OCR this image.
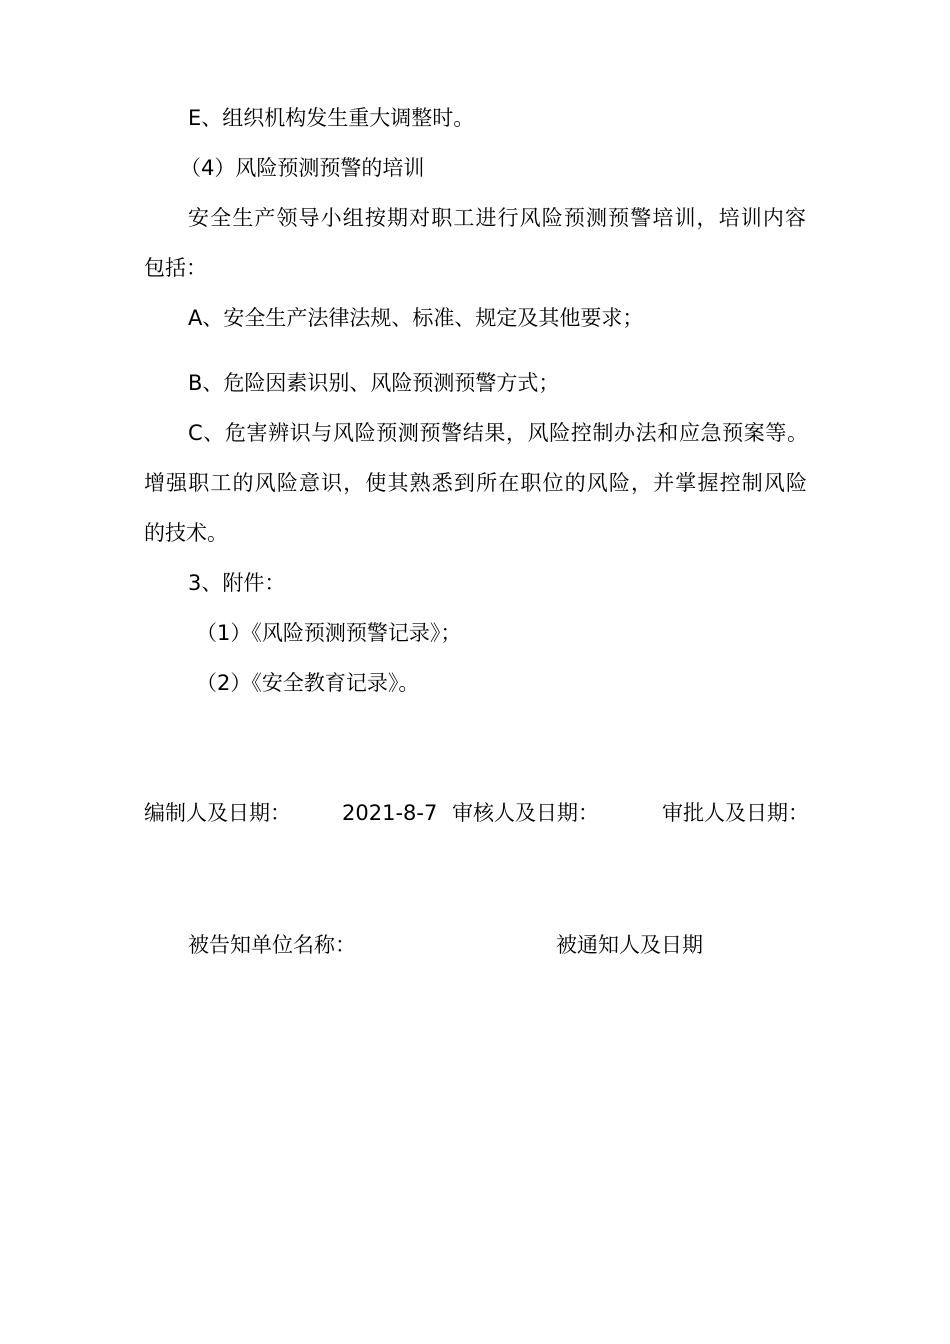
E、组织机构发生重大调整时。
（4）风险预测预警的培训
安全生产领导小组按期对职工进行风险预测预警培训，培训内容
包括：
A、安全生产法律法规、标准、规定及其他要求；
B、危险因素识别、风险预测预警方式；
C、危害辨识与风险预测预警结果，风险控制办法和应急预案等。
增强职工的风险意识，使其熟悉到所在职位的风险，并掌握控制风险
的技术。
3、附件：
（1）《风险预测预警记录》；
（2）《安全教育记录》。
编制人及日期： 2021-8-7 审核人及日期：	审批人及日期：
被告知单位名称：	被通知人及日期
